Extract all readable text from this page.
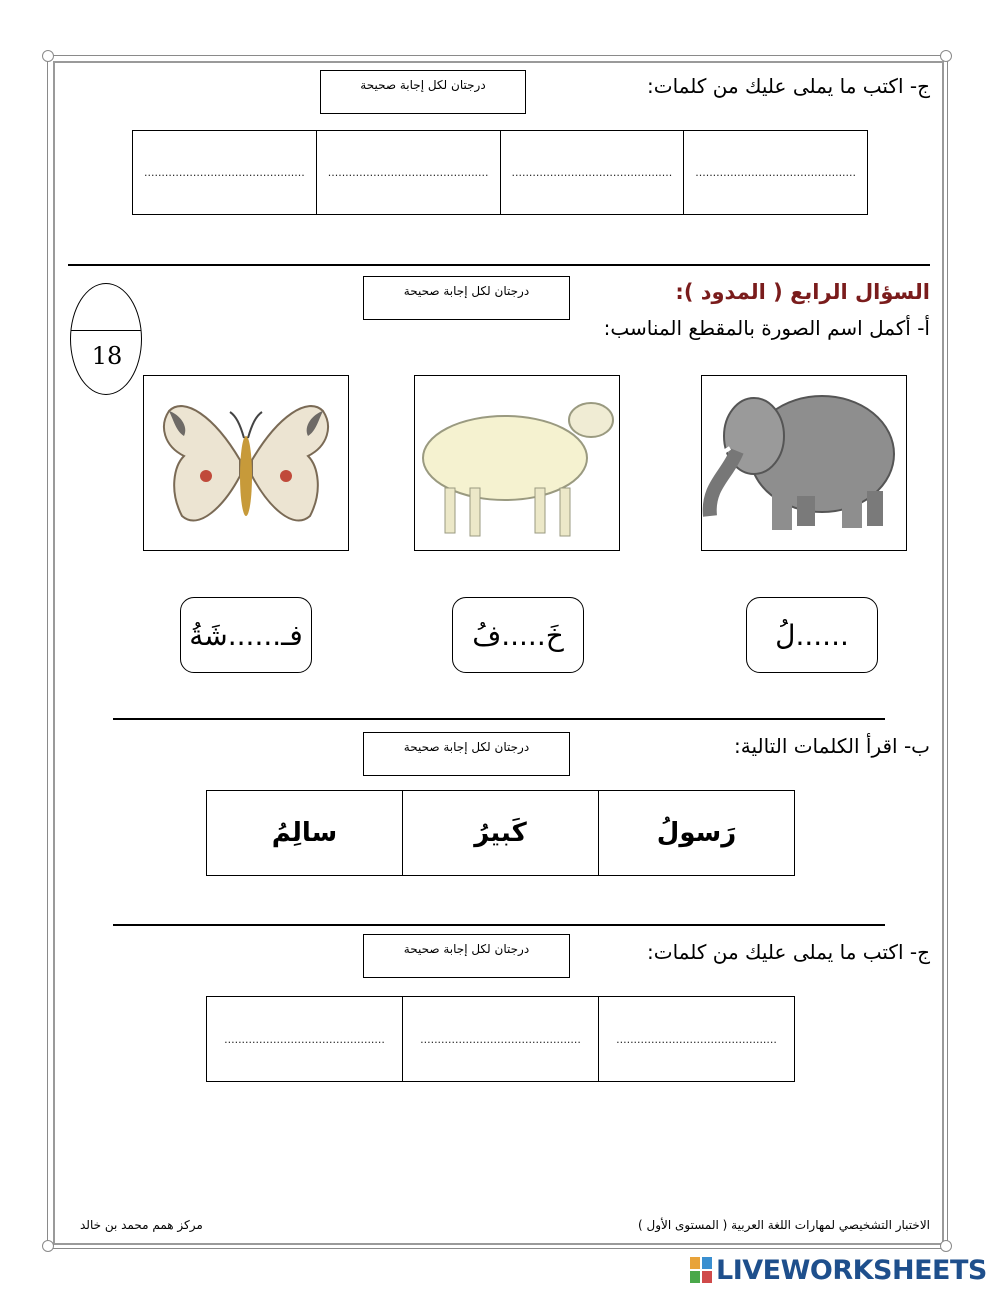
ج- اكتب ما يملى عليك من كلمات:
درجتان لكل إجابة صحيحة
..............................................
..............................................
..............................................
..............................................
السؤال الرابع ( المدود ):
درجتان لكل إجابة صحيحة
أ- أكمل اسم الصورة بالمقطع المناسب:
18
فـ......شَةُ	خَ.....فُ	......لُ
ب- اقرأ الكلمات التالية:
درجتان لكل إجابة صحيحة
رَسولُ
كَبيرُ
سالِمُ
ج- اكتب ما يملى عليك من كلمات:
درجتان لكل إجابة صحيحة
..............................................
..............................................
..............................................
الاختبار التشخيصي لمهارات اللغة العربية ( المستوى الأول )
مركز همم محمد بن خالد
LIVEWORKSHEETS
